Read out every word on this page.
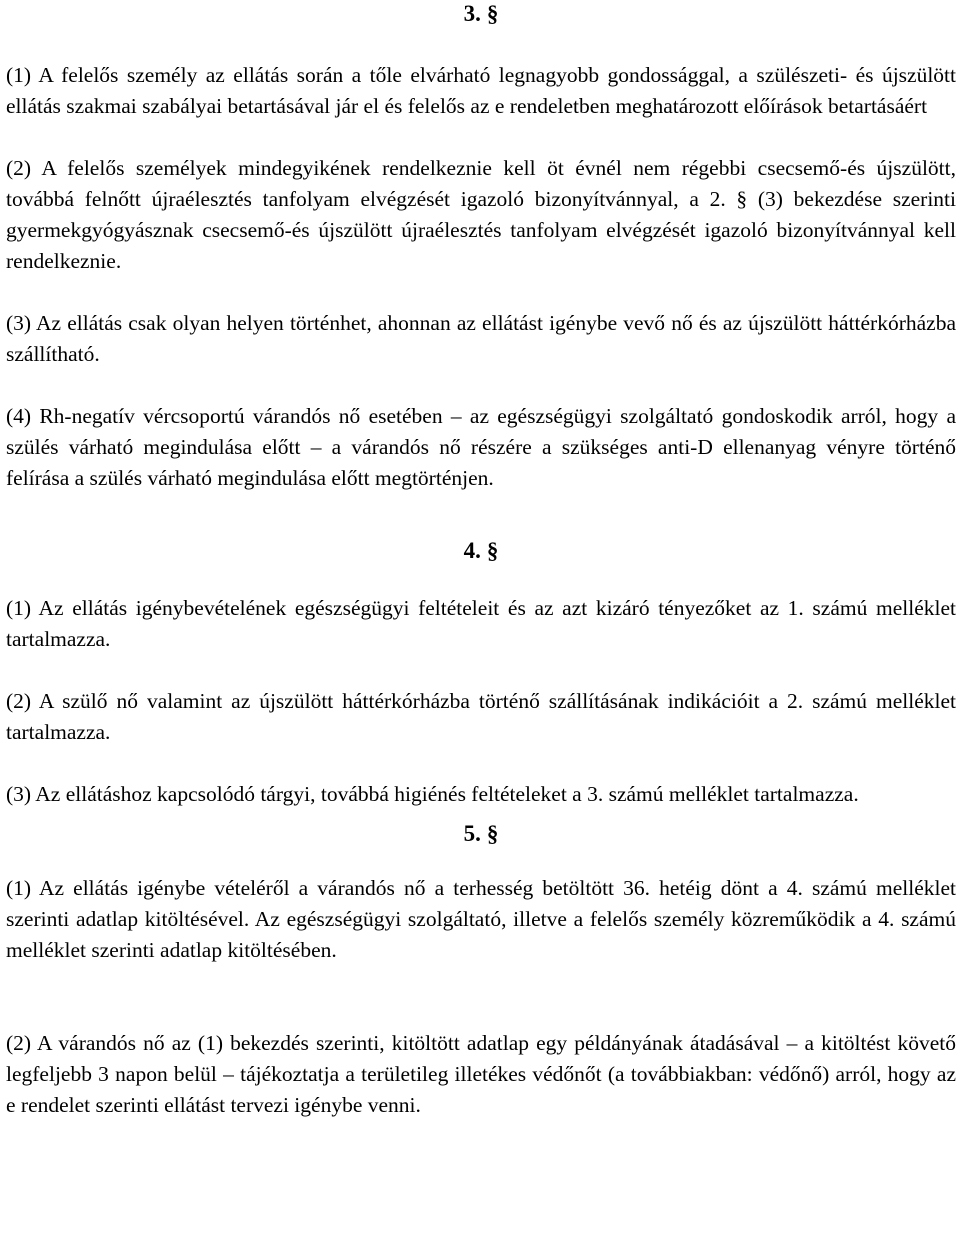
3. §

(1) A felelős személy az ellátás során a tőle elvárható legnagyobb gondossággal, a szülészeti- és újszülött ellátás szakmai szabályai betartásával jár el és felelős az e rendeletben meghatározott előírások betartásáért

(2) A felelős személyek mindegyikének rendelkeznie kell öt évnél nem régebbi csecsemő-és újszülött, továbbá felnőtt újraélesztés tanfolyam elvégzését igazoló bizonyítvánnyal, a 2. § (3) bekezdése szerinti gyermekgyógyásznak csecsemő-és újszülött újraélesztés tanfolyam elvégzését igazoló bizonyítvánnyal kell rendelkeznie.

(3) Az ellátás csak olyan helyen történhet, ahonnan az ellátást igénybe vevő nő és az újszülött háttérkórházba szállítható.

(4) Rh-negatív vércsoportú várandós nő esetében – az egészségügyi szolgáltató gondoskodik arról, hogy a szülés várható megindulása előtt – a várandós nő részére a szükséges anti-D ellenanyag vényre történő felírása a szülés várható megindulása előtt megtörténjen.

4. §

(1) Az ellátás igénybevételének egészségügyi feltételeit és az azt kizáró tényezőket az 1. számú melléklet tartalmazza.

(2) A szülő nő valamint az újszülött háttérkórházba történő szállításának indikációit a 2. számú melléklet tartalmazza.

(3) Az ellátáshoz kapcsolódó tárgyi, továbbá higiénés feltételeket a 3. számú melléklet tartalmazza.

5. §

(1) Az ellátás igénybe vételéről a várandós nő a terhesség betöltött 36. hetéig dönt a 4. számú melléklet szerinti adatlap kitöltésével. Az egészségügyi szolgáltató, illetve a felelős személy közreműködik a 4. számú melléklet szerinti adatlap kitöltésében.

(2) A várandós nő az (1) bekezdés szerinti, kitöltött adatlap egy példányának átadásával – a kitöltést követő legfeljebb 3 napon belül – tájékoztatja a területileg illetékes védőnőt (a továbbiakban: védőnő) arról, hogy az e rendelet szerinti ellátást tervezi igénybe venni.
